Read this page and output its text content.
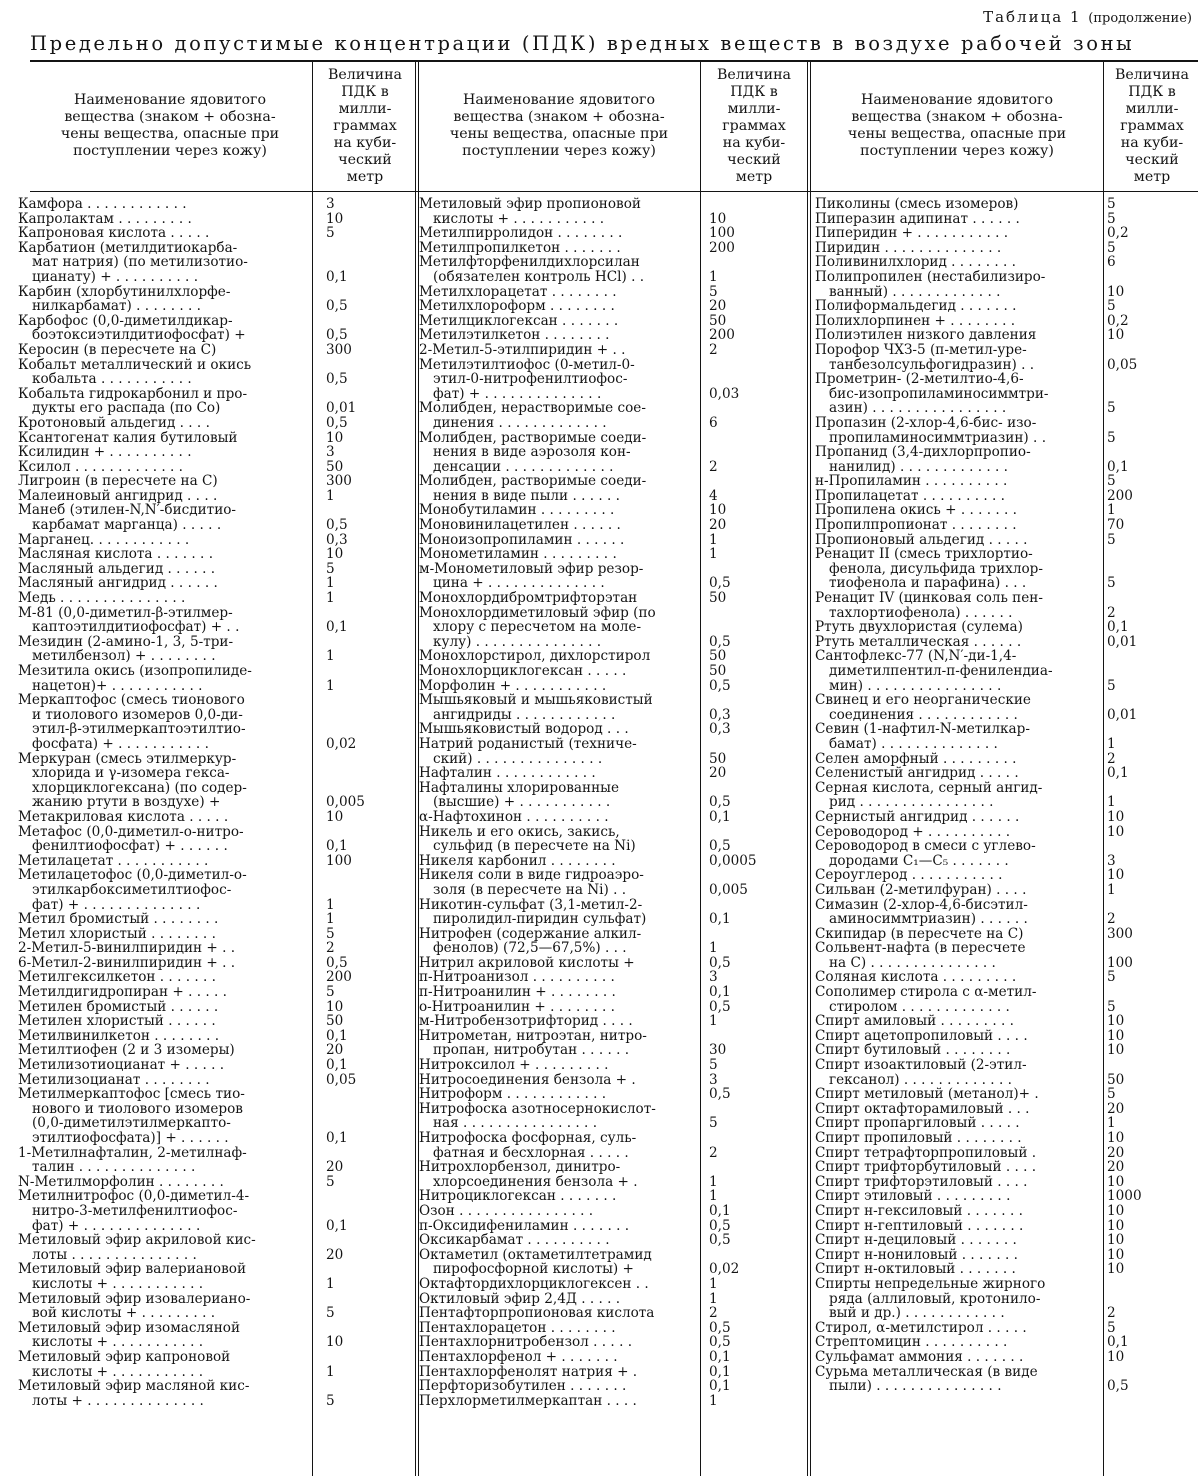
Таблица 1 (продолжение)
Предельно допустимые концентрации (ПДК) вредных веществ в воздухе рабочей зоны
Наименование ядовитого
вещества (знаком + обозна-
чены вещества, опасные при
поступлении через кожу)
Величина
ПДК в
милли-
граммах
на куби-
ческий
метр
Наименование ядовитого
вещества (знаком + обозна-
чены вещества, опасные при
поступлении через кожу)
Величина
ПДК в
милли-
граммах
на куби-
ческий
метр
Наименование ядовитого
вещества (знаком + обозна-
чены вещества, опасные при
поступлении через кожу)
Величина
ПДК в
милли-
граммах
на куби-
ческий
метр
Камфора . . . . . . . . . . . .	3
Капролактам . . . . . . . . .	10
Капроновая кислота . . . . .	5
Карбатион (метилдитиокарба-
мат натрия) (по метилизотио-
цианату) + . . . . . . . . . .	0,1
Карбин (хлорбутинилхлорфе-
нилкарбамат) . . . . . . . .	0,5
Карбофос (0,0-диметилдикар-
боэтоксиэтилдитиофосфат) +	0,5
Керосин (в пересчете на С)	300
Кобальт металлический и окись
кобальта . . . . . . . . . . .	0,5
Кобальта гидрокарбонил и про-
дукты его распада (по Со)	0,01
Кротоновый альдегид . . . .	0,5
Ксантогенат калия бутиловый	10
Ксилидин + . . . . . . . . . .	3
Ксилол . . . . . . . . . . . . .	50
Лигроин (в пересчете на С)	300
Малеиновый ангидрид . . . .	1
Манеб (этилен-N,N′-бисдитио-
карбамат марганца) . . . . .	0,5
Марганец. . . . . . . . . . . .	0,3
Масляная кислота . . . . . . .	10
Масляный альдегид . . . . . .	5
Масляный ангидрид . . . . . .	1
Медь . . . . . . . . . . . . . . .	1
М-81 (0,0-диметил-β-этилмер-
каптоэтилдитиофосфат) + . .	0,1
Мезидин (2-амино-1, 3, 5-три-
метилбензол) + . . . . . . . .	1
Мезитила окись (изопропилиде-
нацетон)+ . . . . . . . . . . .	1
Меркаптофос (смесь тионового
и тиолового изомеров 0,0-ди-
этил-β-этилмеркаптоэтилтио-
фосфата) + . . . . . . . . . . .	0,02
Меркуран (смесь этилмеркур-
хлорида и γ-изомера гекса-
хлорциклогексана) (по содер-
жанию ртути в воздухе) +	0,005
Метакриловая кислота . . . . .	10
Метафос (0,0-диметил-о-нитро-
фенилтиофосфат) + . . . . . .	0,1
Метилацетат . . . . . . . . . . .	100
Метилацетофос (0,0-диметил-о-
этилкарбоксиметилтиофос-
фат) + . . . . . . . . . . . . . .	1
Метил бромистый . . . . . . . .	1
Метил хлористый . . . . . . . .	5
2-Метил-5-винилпиридин + . .	2
6-Метил-2-винилпиридин + . .	0,5
Метилгексилкетон . . . . . . .	200
Метилдигидропиран + . . . . .	5
Метилен бромистый . . . . . .	10
Метилен хлористый . . . . . .	50
Метилвинилкетон . . . . . . . .	0,1
Метилтиофен (2 и 3 изомеры)	20
Метилизотиоцианат + . . . . .	0,1
Метилизоцианат . . . . . . . .	0,05
Метилмеркаптофос [смесь тио-
нового и тиолового изомеров
(0,0-диметилэтилмеркапто-
этилтиофосфата)] + . . . . . .	0,1
1-Метилнафталин, 2-метилнаф-
талин . . . . . . . . . . . . . .	20
N-Метилморфолин . . . . . . . .	5
Метилнитрофос (0,0-диметил-4-
нитро-3-метилфенилтиофос-
фат) + . . . . . . . . . . . . . .	0,1
Метиловый эфир акриловой кис-
лоты . . . . . . . . . . . . . . .	20
Метиловый эфир валериановой
кислоты + . . . . . . . . . . .	1
Метиловый эфир изовалериано-
вой кислоты + . . . . . . . . .	5
Метиловый эфир изомасляной
кислоты + . . . . . . . . . . .	10
Метиловый эфир капроновой
кислоты + . . . . . . . . . . .	1
Метиловый эфир масляной кис-
лоты + . . . . . . . . . . . . . .	5
Метиловый эфир пропионовой
кислоты + . . . . . . . . . . .	10
Метилпирролидон . . . . . . . .	100
Метилпропилкетон . . . . . . .	200
Метилфторфенилдихлорсилан
(обязателен контроль HCl) . .	1
Метилхлорацетат . . . . . . . .	5
Метилхлороформ . . . . . . . .	20
Метилциклогексан . . . . . . .	50
Метилэтилкетон . . . . . . . .	200
2-Метил-5-этилпиридин + . .	2
Метилэтилтиофос (0-метил-0-
этил-0-нитрофенилтиофос-
фат) + . . . . . . . . . . . . . .	0,03
Молибден, нерастворимые сое-
динения . . . . . . . . . . . . .	6
Молибден, растворимые соеди-
нения в виде аэрозоля кон-
денсации . . . . . . . . . . . . .	2
Молибден, растворимые соеди-
нения в виде пыли . . . . . .	4
Монобутиламин . . . . . . . . .	10
Моновинилацетилен . . . . . .	20
Моноизопропиламин . . . . . .	1
Монометиламин . . . . . . . . .	1
м-Монометиловый эфир резор-
цина + . . . . . . . . . . . . . .	0,5
Монохлордибромтрифторэтан	50
Монохлордиметиловый эфир (по
хлору с пересчетом на моле-
кулу) . . . . . . . . . . . . . . .	0,5
Монохлорстирол, дихлорстирол	50
Монохлорциклогексан . . . . .	50
Морфолин + . . . . . . . . . . .	0,5
Мышьяковый и мышьяковистый
ангидриды . . . . . . . . . . . .	0,3
Мышьяковистый водород . . .	0,3
Натрий роданистый (техниче-
ский) . . . . . . . . . . . . . . .	50
Нафталин . . . . . . . . . . . .	20
Нафталины хлорированные
(высшие) + . . . . . . . . . . .	0,5
α-Нафтохинон . . . . . . . . . .	0,1
Никель и его окись, закись,
сульфид (в пересчете на Ni)	0,5
Никеля карбонил . . . . . . . .	0,0005
Никеля соли в виде гидроаэро-
золя (в пересчете на Ni) . .	0,005
Никотин-сульфат (3,1-метил-2-
пиролидил-пиридин сульфат)	0,1
Нитрофен (содержание алкил-
фенолов) (72,5—67,5%) . . .	1
Нитрил акриловой кислоты +	0,5
п-Нитроанизол . . . . . . . . . .	3
п-Нитроанилин + . . . . . . . .	0,1
о-Нитроанилин + . . . . . . . .	0,5
м-Нитробензотрифторид . . . .	1
Нитрометан, нитроэтан, нитро-
пропан, нитробутан . . . . . .	30
Нитроксилол + . . . . . . . . .	5
Нитросоединения бензола + .	3
Нитроформ . . . . . . . . . . . .	0,5
Нитрофоска азотносернокислот-
ная . . . . . . . . . . . . . . . .	5
Нитрофоска фосфорная, суль-
фатная и бесхлорная . . . . .	2
Нитрохлорбензол, динитро-
хлорсоединения бензола + .	1
Нитроциклогексан . . . . . . .	1
Озон . . . . . . . . . . . . . . . .	0,1
п-Оксидифениламин . . . . . . .	0,5
Оксикарбамат . . . . . . . . . .	0,5
Октаметил (октаметилтетрамид
пирофосфорной кислоты) +	0,02
Октафтордихлорциклогексен . .	1
Октиловый эфир 2,4Д . . . . .	1
Пентафторпропионовая кислота	2
Пентахлорацетон . . . . . . . .	0,5
Пентахлорнитробензол . . . . .	0,5
Пентахлорфенол + . . . . . . .	0,1
Пентахлорфенолят натрия + .	0,1
Перфторизобутилен . . . . . . .	0,1
Перхлорметилмеркаптан . . . .	1
Пиколины (смесь изомеров)	5
Пиперазин адипинат . . . . . .	5
Пиперидин + . . . . . . . . . . .	0,2
Пиридин . . . . . . . . . . . . . .	5
Поливинилхлорид . . . . . . . .	6
Полипропилен (нестабилизиро-
ванный) . . . . . . . . . . . . .	10
Полиформальдегид . . . . . . .	5
Полихлорпинен + . . . . . . . .	0,2
Полиэтилен низкого давления	10
Порофор ЧХЗ-5 (п-метил-уре-
танбезолсульфогидразин) . .	0,05
Прометрин- (2-метилтио-4,6-
бис-изопропиламиносиммтри-
азин) . . . . . . . . . . . . . . . .	5
Пропазин (2-хлор-4,6-бис- изо-
пропиламиносиммтриазин) . .	5
Пропанид (3,4-дихлорпропио-
нанилид) . . . . . . . . . . . . .	0,1
н-Пропиламин . . . . . . . . . .	5
Пропилацетат . . . . . . . . . .	200
Пропилена окись + . . . . . . .	1
Пропилпропионат . . . . . . . .	70
Пропионовый альдегид . . . . .	5
Ренацит II (смесь трихлортио-
фенола, дисульфида трихлор-
тиофенола и парафина) . . .	5
Ренацит IV (цинковая соль пен-
тахлортиофенола) . . . . . .	2
Ртуть двухлористая (сулема)	0,1
Ртуть металлическая . . . . . .	0,01
Сантофлекс-77 (N,N′-ди-1,4-
диметилпентил-п-фенилендиа-
мин) . . . . . . . . . . . . . . . .	5
Свинец и его неорганические
соединения . . . . . . . . . . . .	0,01
Севин (1-нафтил-N-метилкар-
бамат) . . . . . . . . . . . . . .	1
Селен аморфный . . . . . . . . .	2
Селенистый ангидрид . . . . .	0,1
Серная кислота, серный ангид-
рид . . . . . . . . . . . . . . . .	1
Сернистый ангидрид . . . . . .	10
Сероводород + . . . . . . . . . .	10
Сероводород в смеси с углево-
дородами C₁—C₅ . . . . . . .	3
Сероуглерод . . . . . . . . . . .	10
Сильван (2-метилфуран) . . . .	1
Симазин (2-хлор-4,6-бисэтил-
аминосиммтриазин) . . . . . .	2
Скипидар (в пересчете на С)	300
Сольвент-нафта (в пересчете
на С) . . . . . . . . . . . . . . .	100
Соляная кислота . . . . . . . . .	5
Сополимер стирола с α-метил-
стиролом . . . . . . . . . . . . .	5
Спирт амиловый . . . . . . . . .	10
Спирт ацетопропиловый . . . .	10
Спирт бутиловый . . . . . . . .	10
Спирт изоактиловый (2-этил-
гексанол) . . . . . . . . . . . . .	50
Спирт метиловый (метанол)+ .	5
Спирт октафторамиловый . . .	20
Спирт пропаргиловый . . . . .	1
Спирт пропиловый . . . . . . . .	10
Спирт тетрафторпропиловый .	20
Спирт трифторбутиловый . . . .	20
Спирт трифторэтиловый . . . .	10
Спирт этиловый . . . . . . . . .	1000
Спирт н-гексиловый . . . . . . .	10
Спирт н-гептиловый . . . . . . .	10
Спирт н-дециловый . . . . . . .	10
Спирт н-нониловый . . . . . . .	10
Спирт н-октиловый . . . . . . .	10
Спирты непредельные жирного
ряда (аллиловый, кротонило-
вый и др.) . . . . . . . . . . . .	2
Стирол, α-метилстирол . . . . .	5
Стрептомицин . . . . . . . . . .	0,1
Сульфамат аммония . . . . . . .	10
Сурьма металлическая (в виде
пыли) . . . . . . . . . . . . . . .	0,5
